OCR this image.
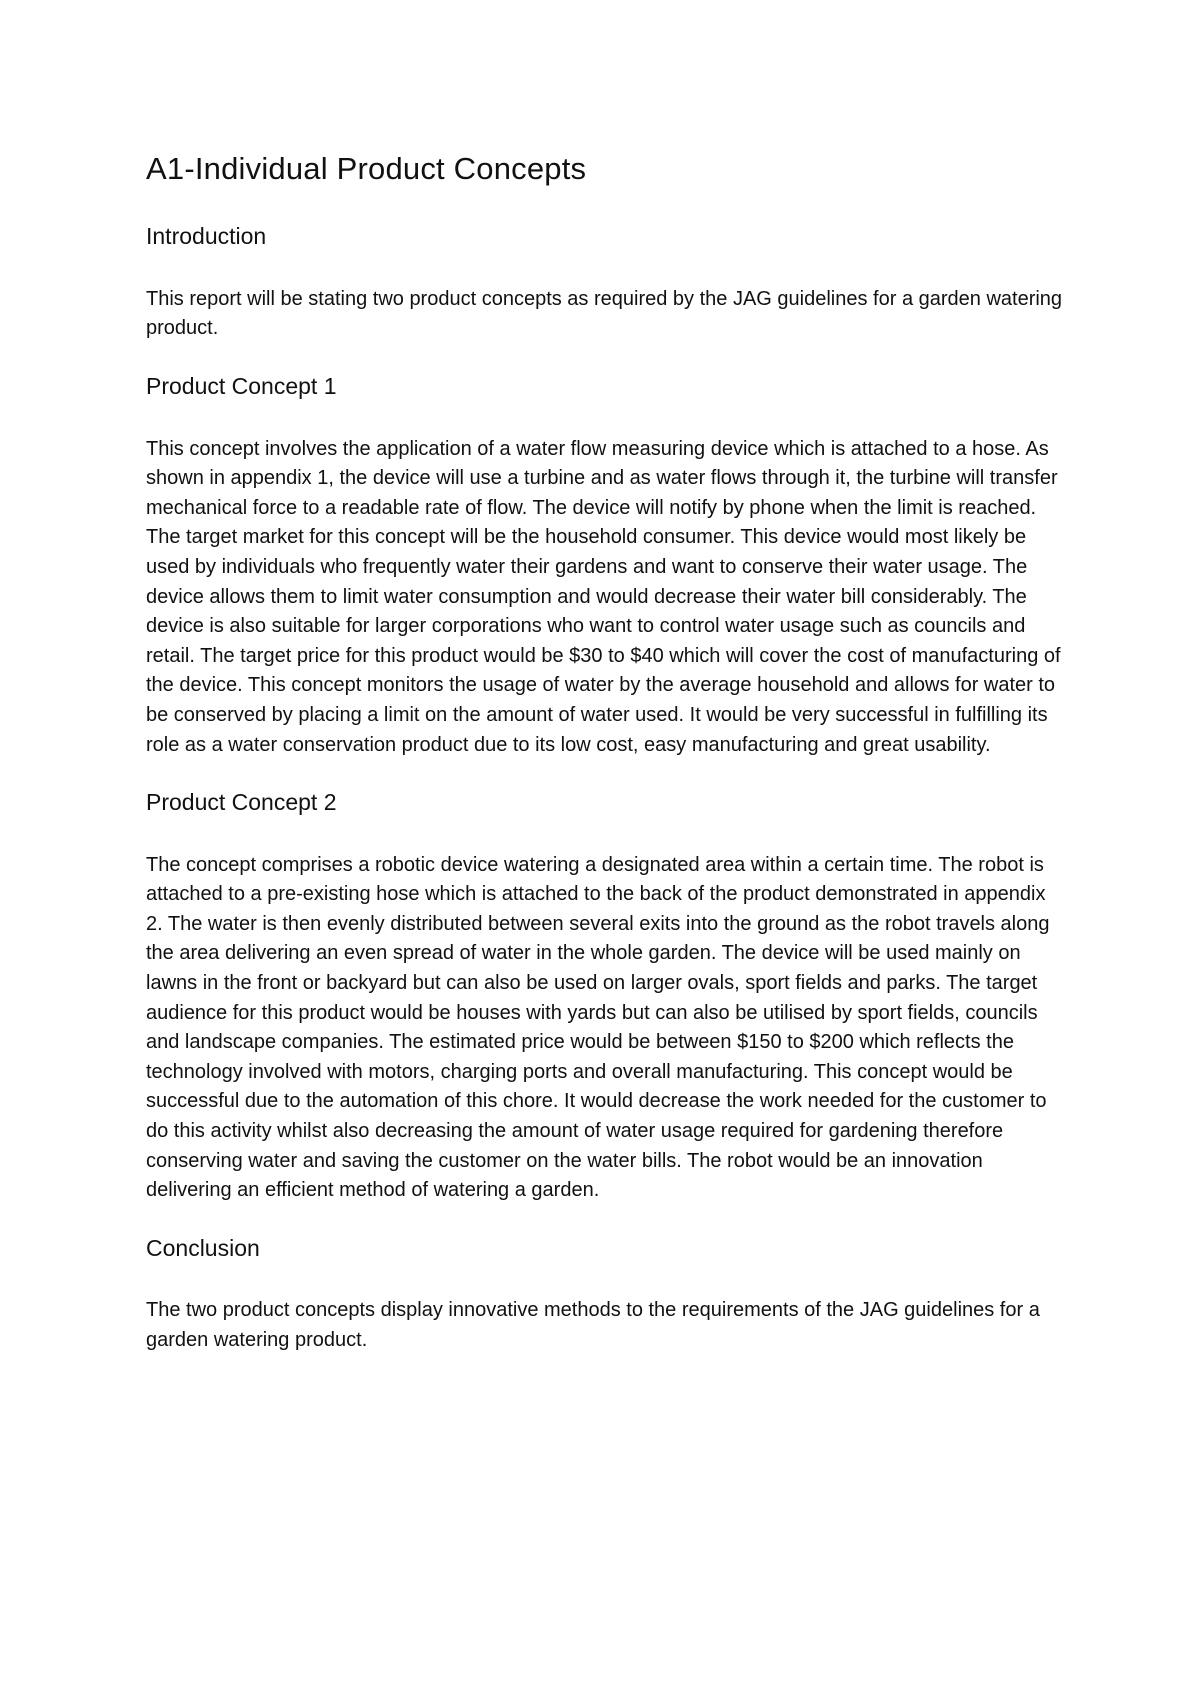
A1-Individual Product Concepts
Introduction

This report will be stating two product concepts as required by the JAG guidelines for a garden watering product.

Product Concept 1

This concept involves the application of a water flow measuring device which is attached to a hose. As shown in appendix 1, the device will use a turbine and as water flows through it, the turbine will transfer mechanical force to a readable rate of flow. The device will notify by phone when the limit is reached. The target market for this concept will be the household consumer. This device would most likely be used by individuals who frequently water their gardens and want to conserve their water usage. The device allows them to limit water consumption and would decrease their water bill considerably. The device is also suitable for larger corporations who want to control water usage such as councils and retail. The target price for this product would be $30 to $40 which will cover the cost of manufacturing of the device. This concept monitors the usage of water by the average household and allows for water to be conserved by placing a limit on the amount of water used. It would be very successful in fulfilling its role as a water conservation product due to its low cost, easy manufacturing and great usability.

Product Concept 2

The concept comprises a robotic device watering a designated area within a certain time. The robot is attached to a pre-existing hose which is attached to the back of the product demonstrated in appendix 2. The water is then evenly distributed between several exits into the ground as the robot travels along the area delivering an even spread of water in the whole garden. The device will be used mainly on lawns in the front or backyard but can also be used on larger ovals, sport fields and parks. The target audience for this product would be houses with yards but can also be utilised by sport fields, councils and landscape companies. The estimated price would be between $150 to $200 which reflects the technology involved with motors, charging ports and overall manufacturing. This concept would be successful due to the automation of this chore. It would decrease the work needed for the customer to do this activity whilst also decreasing the amount of water usage required for gardening therefore conserving water and saving the customer on the water bills. The robot would be an innovation delivering an efficient method of watering a garden.

Conclusion

The two product concepts display innovative methods to the requirements of the JAG guidelines for a garden watering product.
